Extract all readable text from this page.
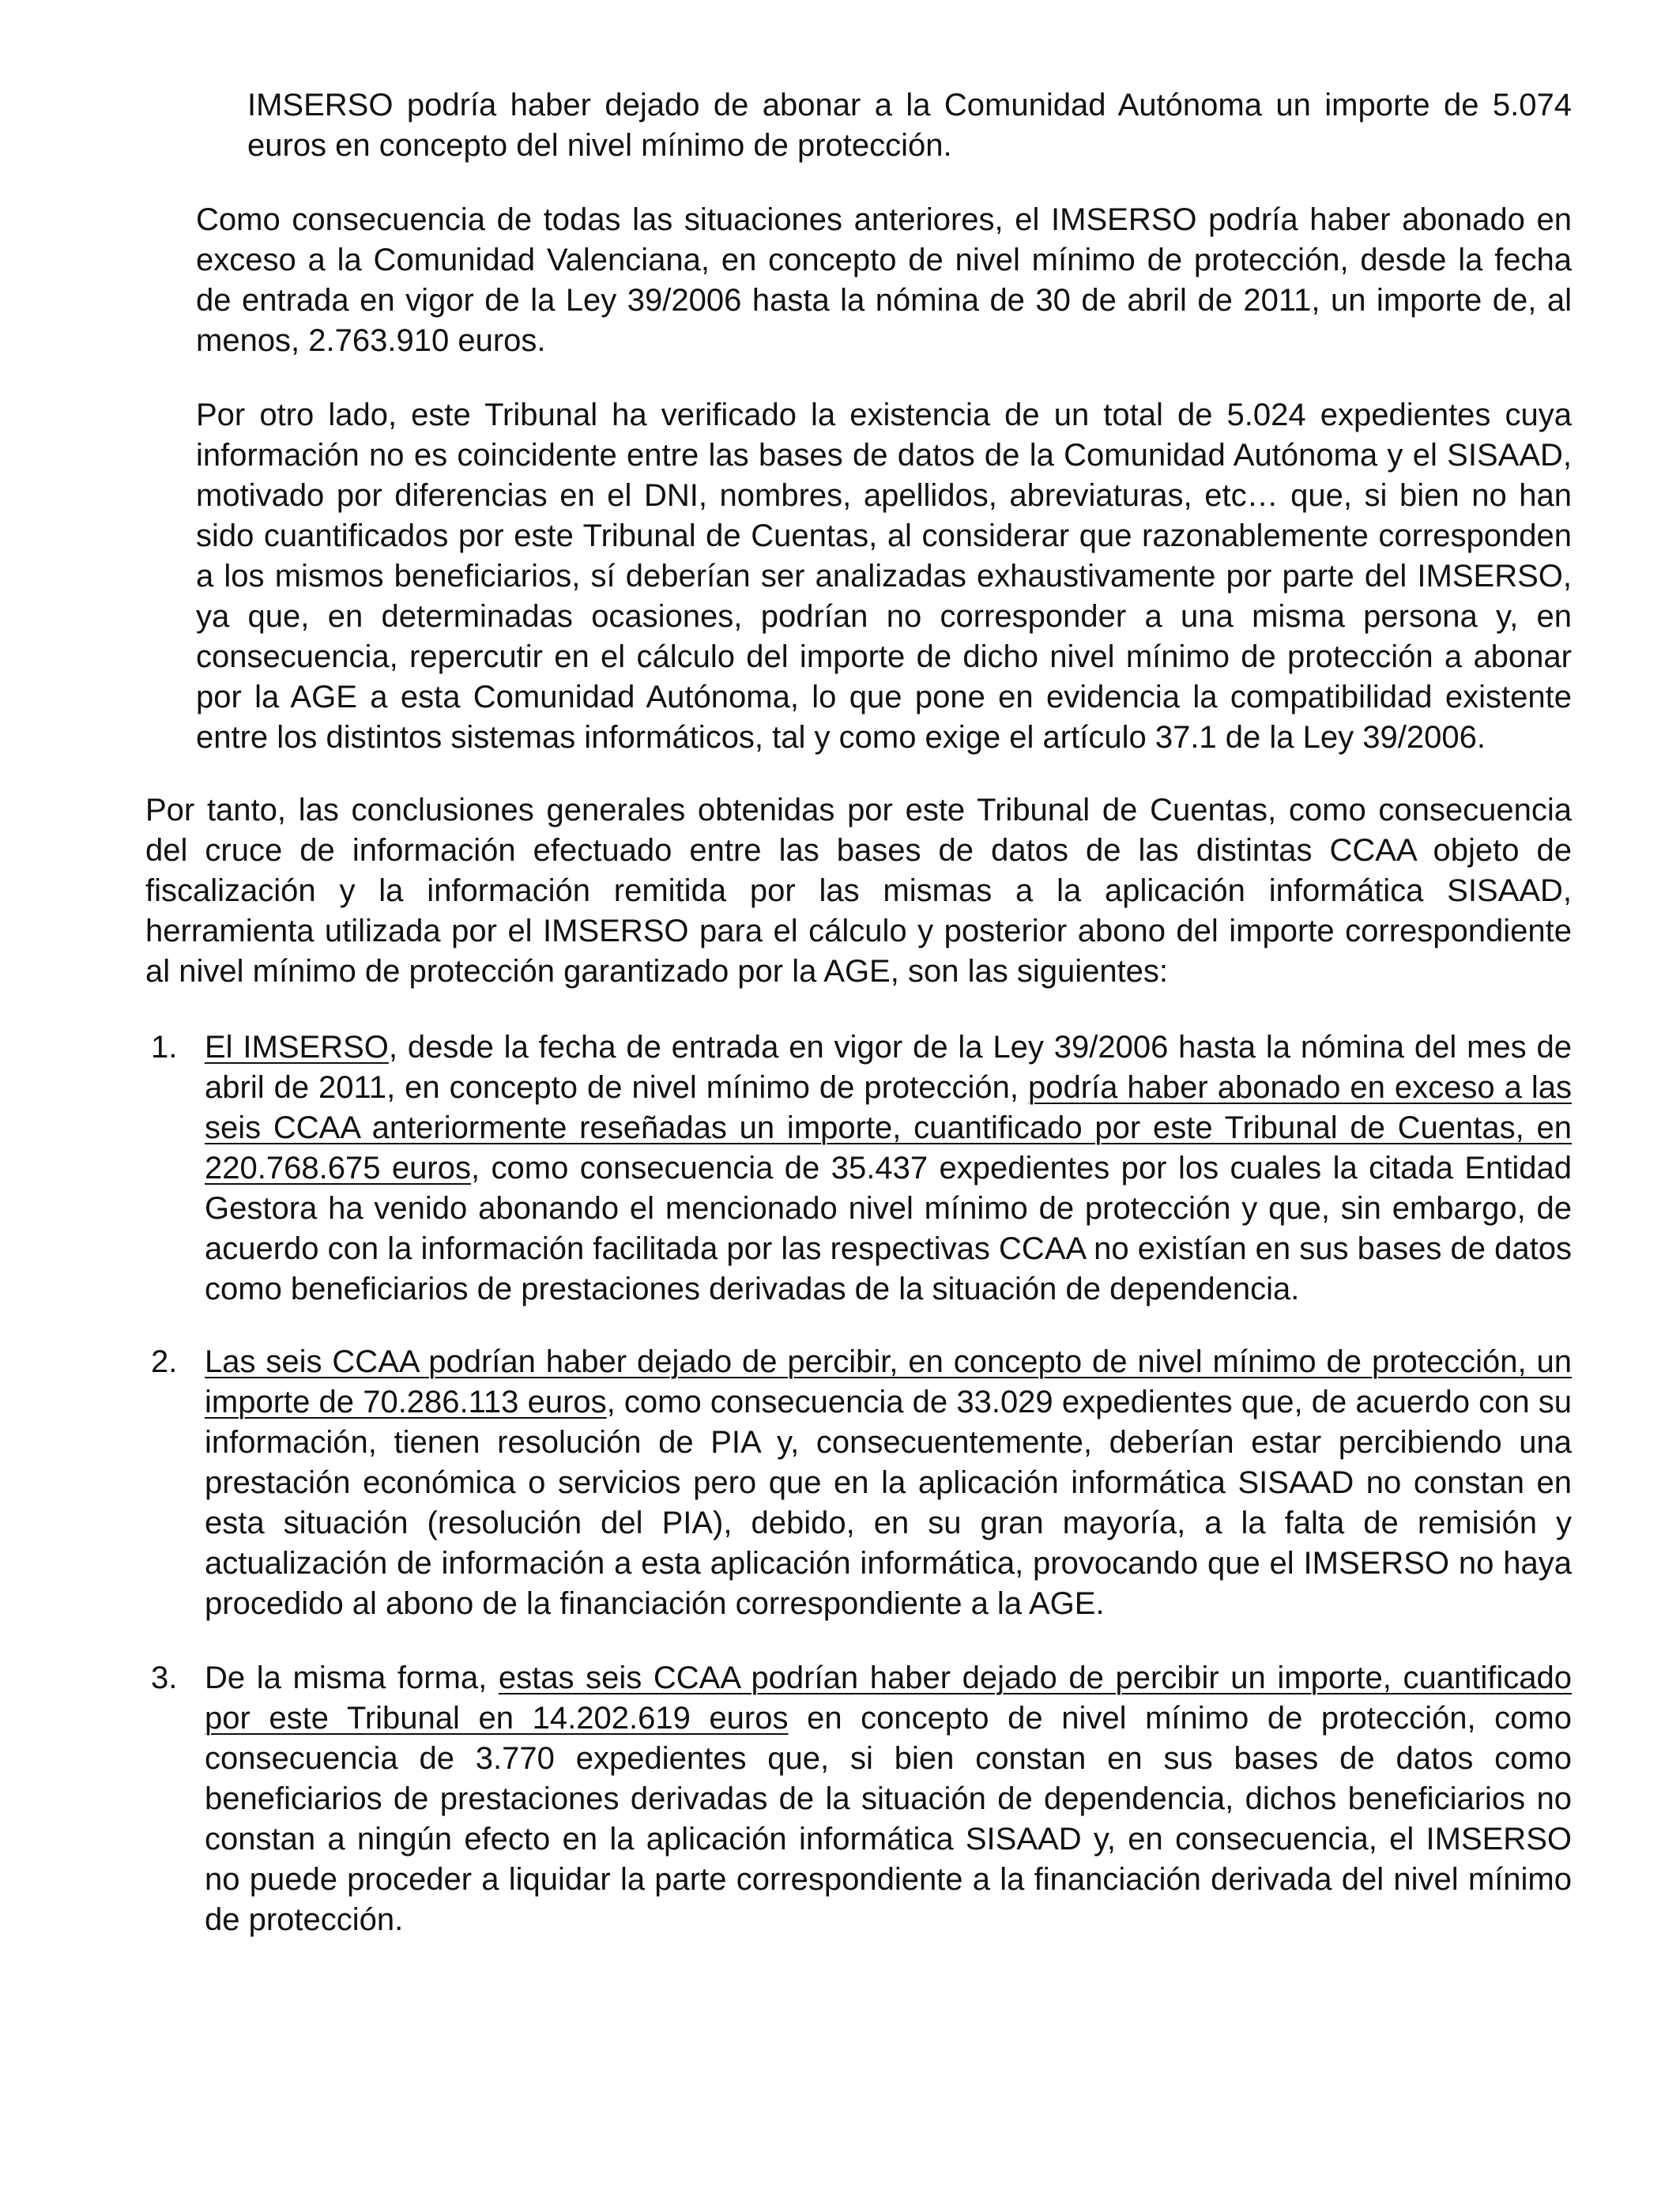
IMSERSO podría haber dejado de abonar a la Comunidad Autónoma un importe de 5.074 euros en concepto del nivel mínimo de protección.

Como consecuencia de todas las situaciones anteriores, el IMSERSO podría haber abonado en exceso a la Comunidad Valenciana, en concepto de nivel mínimo de protección, desde la fecha de entrada en vigor de la Ley 39/2006 hasta la nómina de 30 de abril de 2011, un importe de, al menos, 2.763.910 euros.

Por otro lado, este Tribunal ha verificado la existencia de un total de 5.024 expedientes cuya información no es coincidente entre las bases de datos de la Comunidad Autónoma y el SISAAD, motivado por diferencias en el DNI, nombres, apellidos, abreviaturas, etc… que, si bien no han sido cuantificados por este Tribunal de Cuentas, al considerar que razonablemente corresponden a los mismos beneficiarios, sí deberían ser analizadas exhaustivamente por parte del IMSERSO, ya que, en determinadas ocasiones, podrían no corresponder a una misma persona y, en consecuencia, repercutir en el cálculo del importe de dicho nivel mínimo de protección a abonar por la AGE a esta Comunidad Autónoma, lo que pone en evidencia la compatibilidad existente entre los distintos sistemas informáticos, tal y como exige el artículo 37.1 de la Ley 39/2006.

Por tanto, las conclusiones generales obtenidas por este Tribunal de Cuentas, como consecuencia del cruce de información efectuado entre las bases de datos de las distintas CCAA objeto de fiscalización y la información remitida por las mismas a la aplicación informática SISAAD, herramienta utilizada por el IMSERSO para el cálculo y posterior abono del importe correspondiente al nivel mínimo de protección garantizado por la AGE, son las siguientes:

1. El IMSERSO, desde la fecha de entrada en vigor de la Ley 39/2006 hasta la nómina del mes de abril de 2011, en concepto de nivel mínimo de protección, podría haber abonado en exceso a las seis CCAA anteriormente reseñadas un importe, cuantificado por este Tribunal de Cuentas, en 220.768.675 euros, como consecuencia de 35.437 expedientes por los cuales la citada Entidad Gestora ha venido abonando el mencionado nivel mínimo de protección y que, sin embargo, de acuerdo con la información facilitada por las respectivas CCAA no existían en sus bases de datos como beneficiarios de prestaciones derivadas de la situación de dependencia.

2. Las seis CCAA podrían haber dejado de percibir, en concepto de nivel mínimo de protección, un importe de 70.286.113 euros, como consecuencia de 33.029 expedientes que, de acuerdo con su información, tienen resolución de PIA y, consecuentemente, deberían estar percibiendo una prestación económica o servicios pero que en la aplicación informática SISAAD no constan en esta situación (resolución del PIA), debido, en su gran mayoría, a la falta de remisión y actualización de información a esta aplicación informática, provocando que el IMSERSO no haya procedido al abono de la financiación correspondiente a la AGE.

3. De la misma forma, estas seis CCAA podrían haber dejado de percibir un importe, cuantificado por este Tribunal en 14.202.619 euros en concepto de nivel mínimo de protección, como consecuencia de 3.770 expedientes que, si bien constan en sus bases de datos como beneficiarios de prestaciones derivadas de la situación de dependencia, dichos beneficiarios no constan a ningún efecto en la aplicación informática SISAAD y, en consecuencia, el IMSERSO no puede proceder a liquidar la parte correspondiente a la financiación derivada del nivel mínimo de protección.
